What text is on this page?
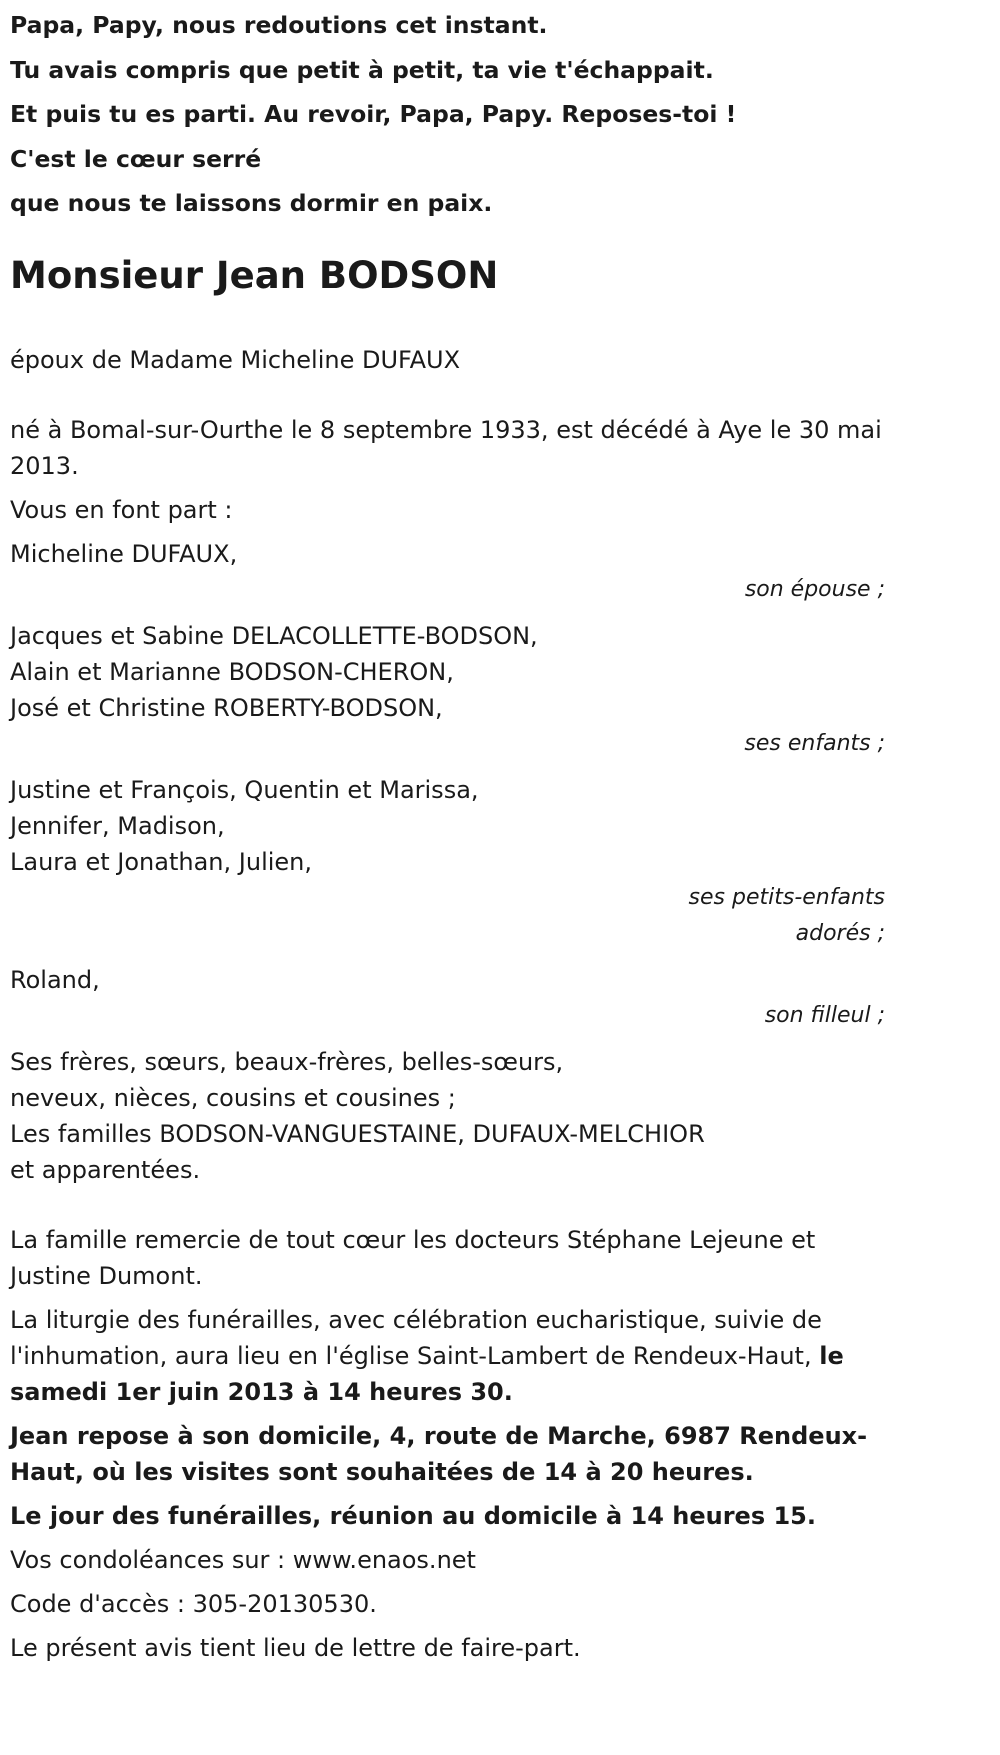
Papa, Papy, nous redoutions cet instant.
Tu avais compris que petit à petit, ta vie t'échappait.
Et puis tu es parti. Au revoir, Papa, Papy. Reposes-toi !
C'est le cœur serré
que nous te laissons dormir en paix.
Monsieur Jean BODSON
époux de Madame Micheline DUFAUX
né à Bomal-sur-Ourthe le 8 septembre 1933, est décédé à Aye le 30 mai 2013.
Vous en font part :
Micheline DUFAUX,
son épouse ;
Jacques et Sabine DELACOLLETTE-BODSON,
Alain et Marianne BODSON-CHERON,
José et Christine ROBERTY-BODSON,
ses enfants ;
Justine et François, Quentin et Marissa,
Jennifer, Madison,
Laura et Jonathan, Julien,
ses petits-enfants
adorés ;
Roland,
son filleul ;
Ses frères, sœurs, beaux-frères, belles-sœurs,
neveux, nièces, cousins et cousines ;
Les familles BODSON-VANGUESTAINE, DUFAUX-MELCHIOR
et apparentées.
La famille remercie de tout cœur les docteurs Stéphane Lejeune et Justine Dumont.
La liturgie des funérailles, avec célébration eucharistique, suivie de l'inhumation, aura lieu en l'église Saint-Lambert de Rendeux-Haut, le samedi 1er juin 2013 à 14 heures 30.
Jean repose à son domicile, 4, route de Marche, 6987 Rendeux-Haut, où les visites sont souhaitées de 14 à 20 heures.
Le jour des funérailles, réunion au domicile à 14 heures 15.
Vos condoléances sur : www.enaos.net
Code d'accès : 305-20130530.
Le présent avis tient lieu de lettre de faire-part.
